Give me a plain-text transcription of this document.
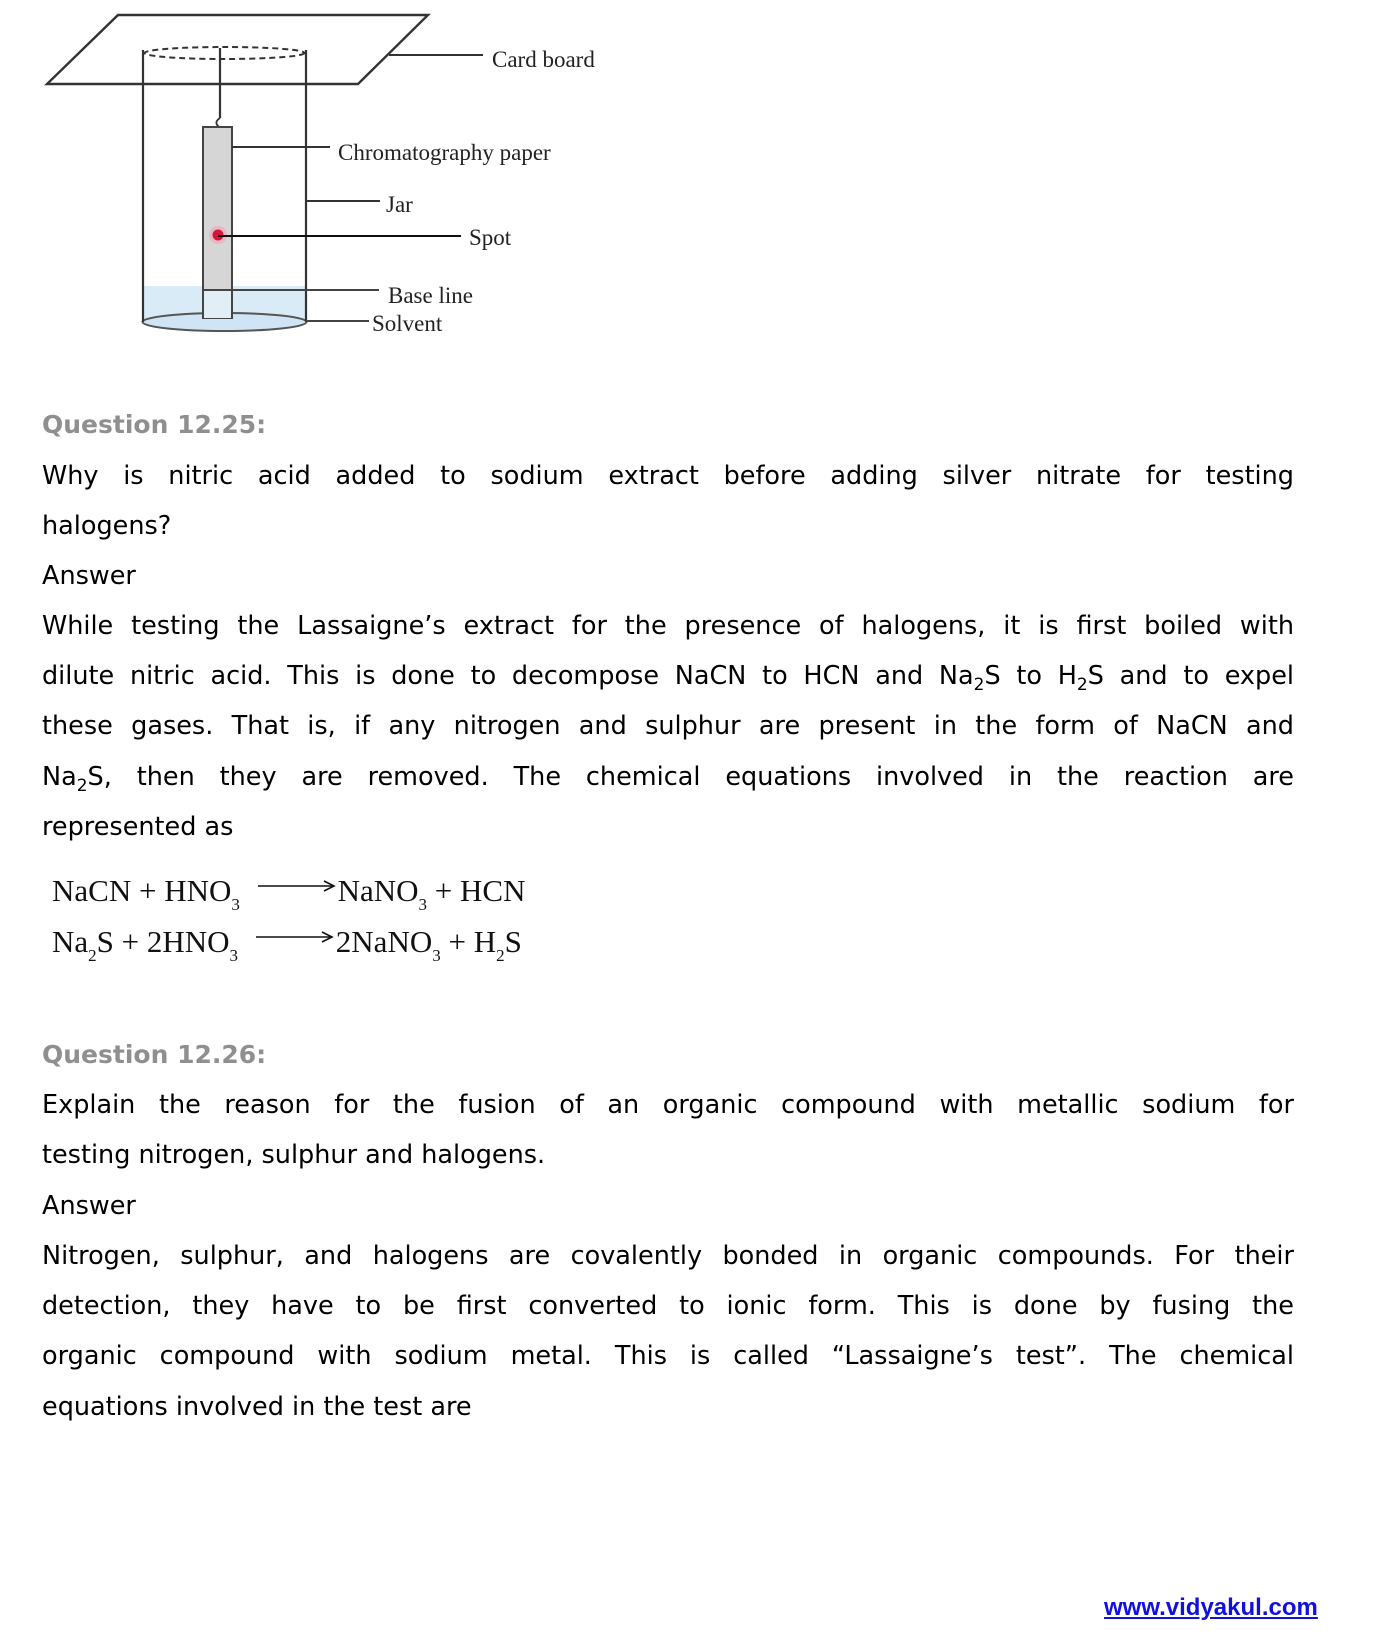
Card board
Chromatography paper
Jar
Spot
Base line
Solvent
Question 12.25:
Why is nitric acid added to sodium extract before adding silver nitrate for testing
halogens?
Answer
While testing the Lassaigne’s extract for the presence of halogens, it is first boiled with
dilute nitric acid. This is done to decompose NaCN to HCN and $Na_2S$ to $H_2S$ and to expel
these gases. That is, if any nitrogen and sulphur are present in the form of NaCN and
$Na_2S$, then they are removed. The chemical equations involved in the reaction are
represented as
NaCN + $HNO_3$ → NaNO$_3$ + HCN
$Na_2S + 2HNO_3$ → 2NaNO$_3$ + $H_2S$
Question 12.26:
Explain the reason for the fusion of an organic compound with metallic sodium for
testing nitrogen, sulphur and halogens.
Answer
Nitrogen, sulphur, and halogens are covalently bonded in organic compounds. For their
detection, they have to be first converted to ionic form. This is done by fusing the
organic compound with sodium metal. This is called “Lassaigne’s test”. The chemical
equations involved in the test are
www.vidyakul.com
